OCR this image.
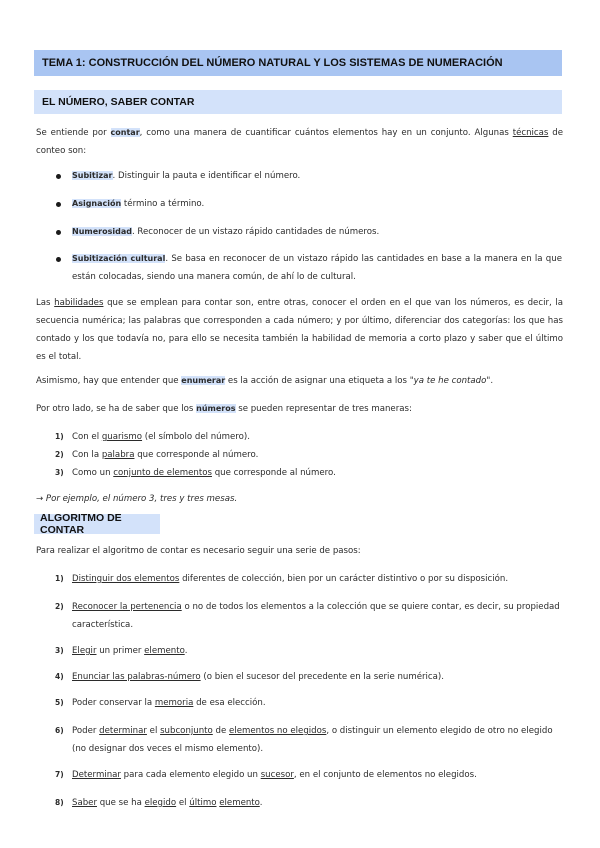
TEMA 1: CONSTRUCCIÓN DEL NÚMERO NATURAL Y LOS SISTEMAS DE NUMERACIÓN
EL NÚMERO, SABER CONTAR
Se entiende por contar, como una manera de cuantificar cuántos elementos hay en un conjunto. Algunas técnicas de conteo son:
Subitizar. Distinguir la pauta e identificar el número.
Asignación término a término.
Numerosidad. Reconocer de un vistazo rápido cantidades de números.
Subitización cultural. Se basa en reconocer de un vistazo rápido las cantidades en base a la manera en la que están colocadas, siendo una manera común, de ahí lo de cultural.
Las habilidades que se emplean para contar son, entre otras, conocer el orden en el que van los números, es decir, la secuencia numérica; las palabras que corresponden a cada número; y por último, diferenciar dos categorías: los que has contado y los que todavía no, para ello se necesita también la habilidad de memoria a corto plazo y saber que el último es el total.
Asimismo, hay que entender que enumerar es la acción de asignar una etiqueta a los "ya te he contado".
Por otro lado, se ha de saber que los números se pueden representar de tres maneras:
1) Con el guarismo (el símbolo del número).
2) Con la palabra que corresponde al número.
3) Como un conjunto de elementos que corresponde al número.
→ Por ejemplo, el número 3, tres y tres mesas.
ALGORITMO DE CONTAR
Para realizar el algoritmo de contar es necesario seguir una serie de pasos:
1) Distinguir dos elementos diferentes de colección, bien por un carácter distintivo o por su disposición.
2) Reconocer la pertenencia o no de todos los elementos a la colección que se quiere contar, es decir, su propiedad característica.
3) Elegir un primer elemento.
4) Enunciar las palabras-número (o bien el sucesor del precedente en la serie numérica).
5) Poder conservar la memoria de esa elección.
6) Poder determinar el subconjunto de elementos no elegidos, o distinguir un elemento elegido de otro no elegido (no designar dos veces el mismo elemento).
7) Determinar para cada elemento elegido un sucesor, en el conjunto de elementos no elegidos.
8) Saber que se ha elegido el último elemento.
